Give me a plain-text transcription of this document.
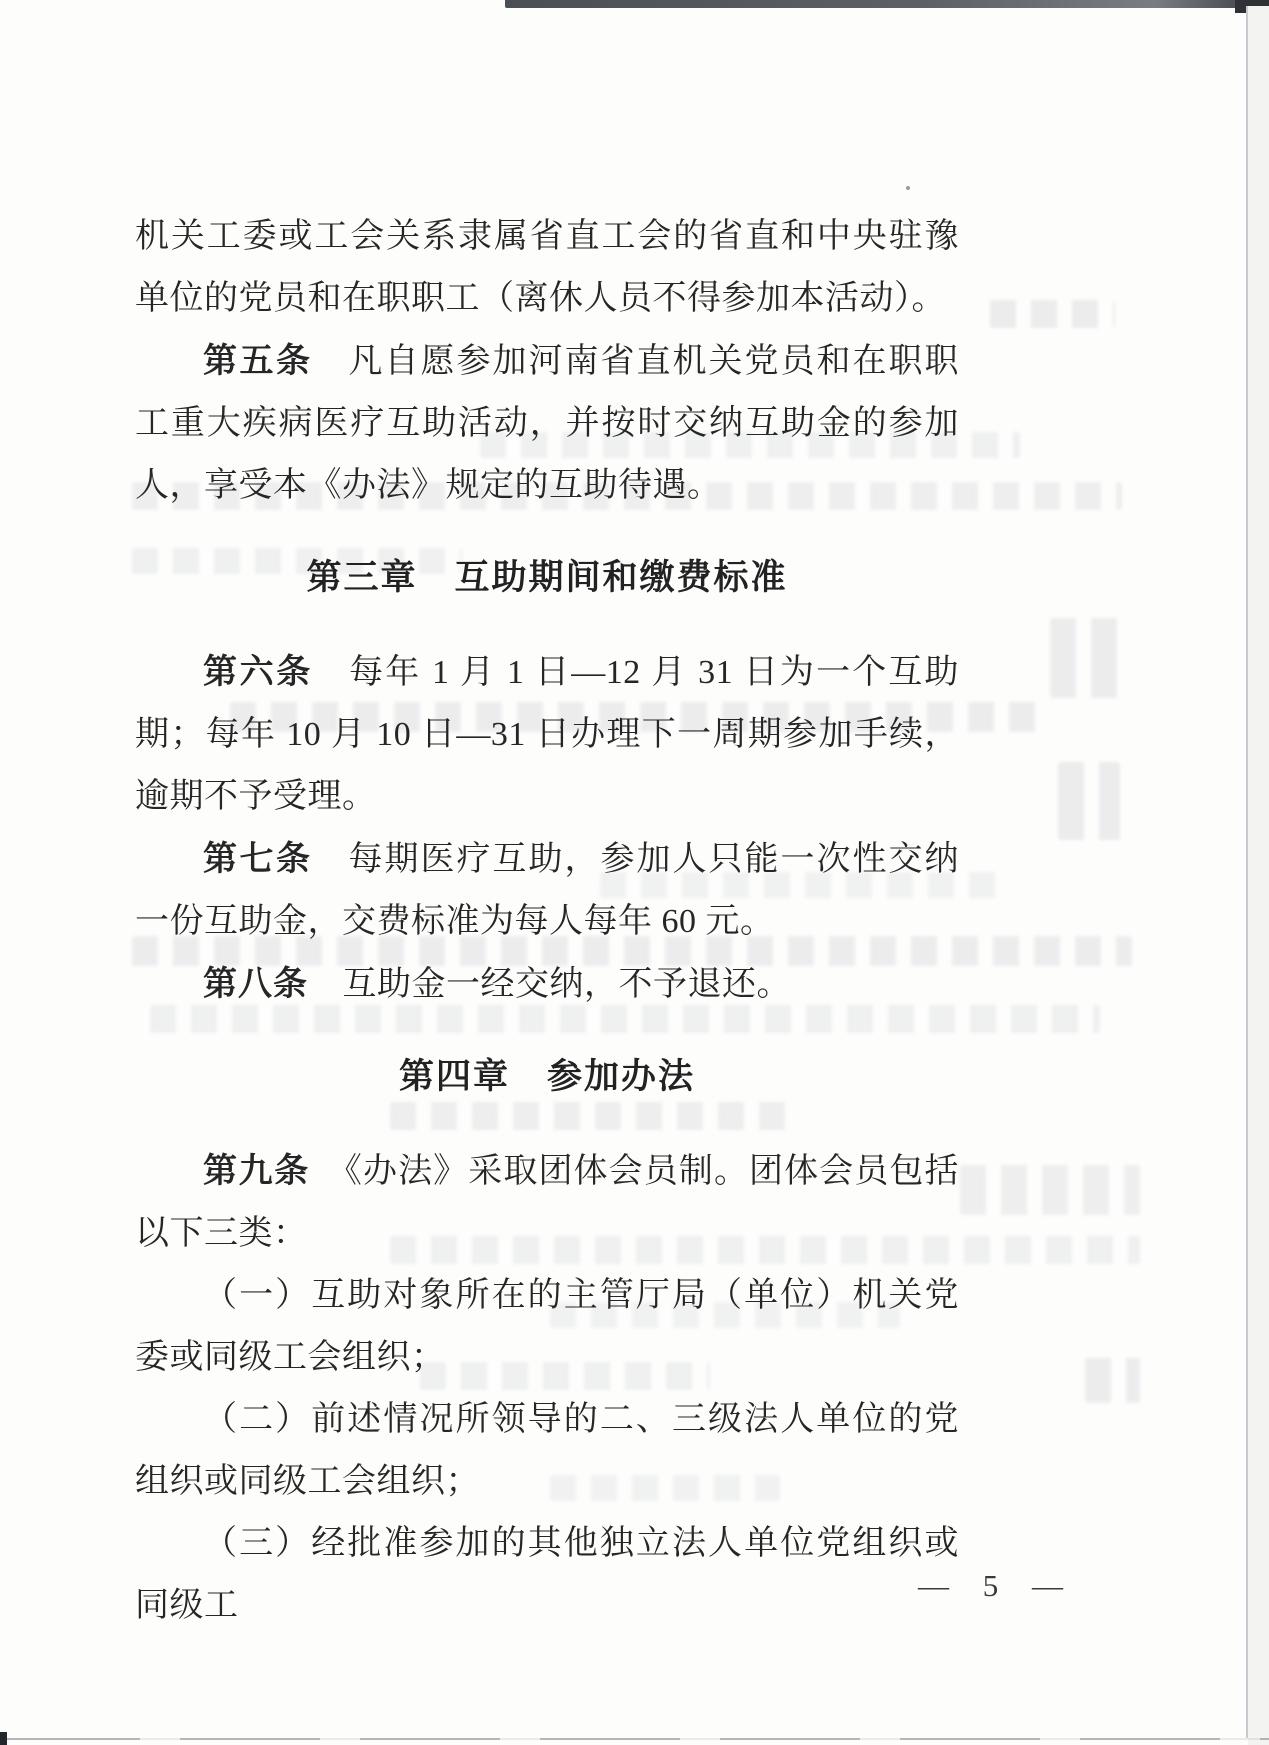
机关工委或工会关系隶属省直工会的省直和中央驻豫单位的党员和在职职工（离休人员不得参加本活动）。

第五条　凡自愿参加河南省直机关党员和在职职工重大疾病医疗互助活动，并按时交纳互助金的参加人，享受本《办法》规定的互助待遇。

第三章　互助期间和缴费标准

第六条　每年 1 月 1 日—12 月 31 日为一个互助期；每年 10 月 10 日—31 日办理下一周期参加手续，逾期不予受理。

第七条　每期医疗互助，参加人只能一次性交纳一份互助金，交费标准为每人每年 60 元。

第八条　互助金一经交纳，不予退还。

第四章　参加办法

第九条　《办法》采取团体会员制。团体会员包括以下三类：

（一）互助对象所在的主管厅局（单位）机关党委或同级工会组织；

（二）前述情况所领导的二、三级法人单位的党组织或同级工会组织；

（三）经批准参加的其他独立法人单位党组织或同级工

— 5 —
